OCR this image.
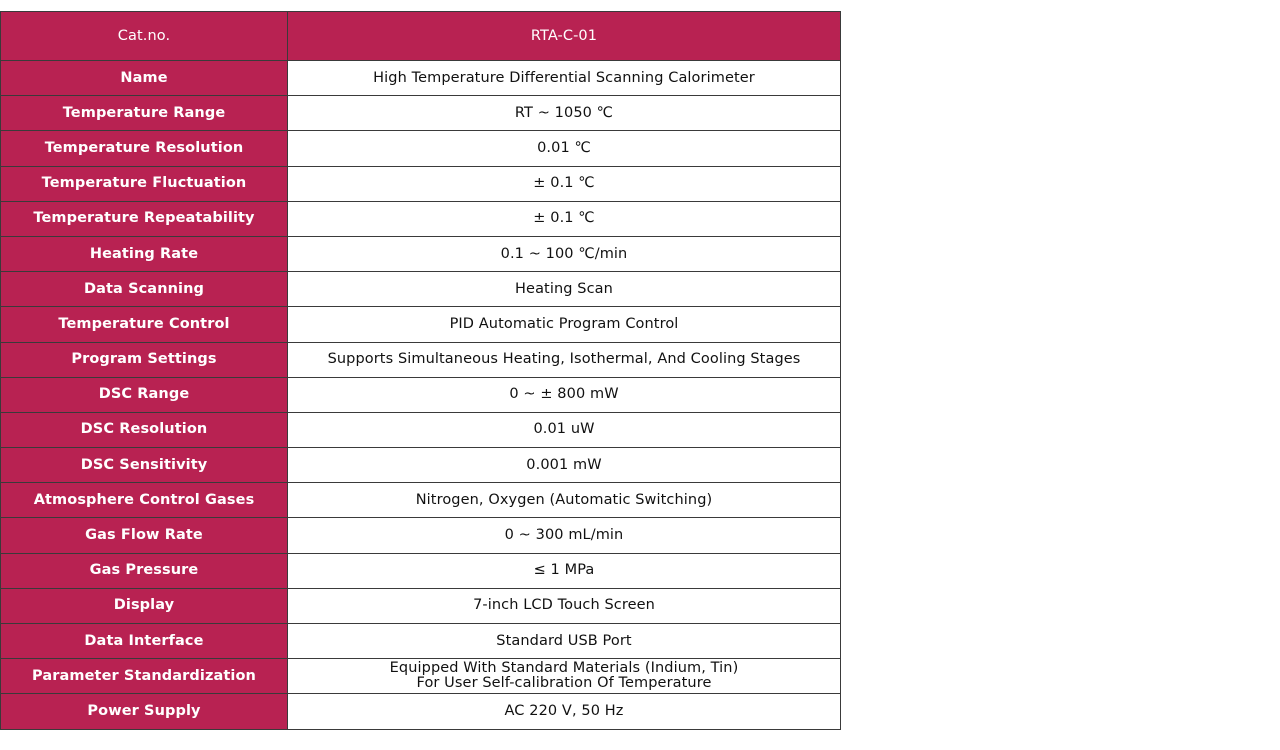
Cat.no.	RTA-C-01
Name	High Temperature Differential Scanning Calorimeter
Temperature Range	RT ~ 1050 ℃
Temperature Resolution	0.01 ℃
Temperature Fluctuation	± 0.1 ℃
Temperature Repeatability	± 0.1 ℃
Heating Rate	0.1 ~ 100 ℃/min
Data Scanning	Heating Scan
Temperature Control	PID Automatic Program Control
Program Settings	Supports Simultaneous Heating, Isothermal, And Cooling Stages
DSC Range	0 ~ ± 800 mW
DSC Resolution	0.01 uW
DSC Sensitivity	0.001 mW
Atmosphere Control Gases	Nitrogen, Oxygen (Automatic Switching)
Gas Flow Rate	0 ~ 300 mL/min
Gas Pressure	≤ 1 MPa
Display	7-inch LCD Touch Screen
Data Interface	Standard USB Port
Parameter Standardization	Equipped With Standard Materials (Indium, Tin)
For User Self-calibration Of Temperature

Power Supply	AC 220 V, 50 Hz
